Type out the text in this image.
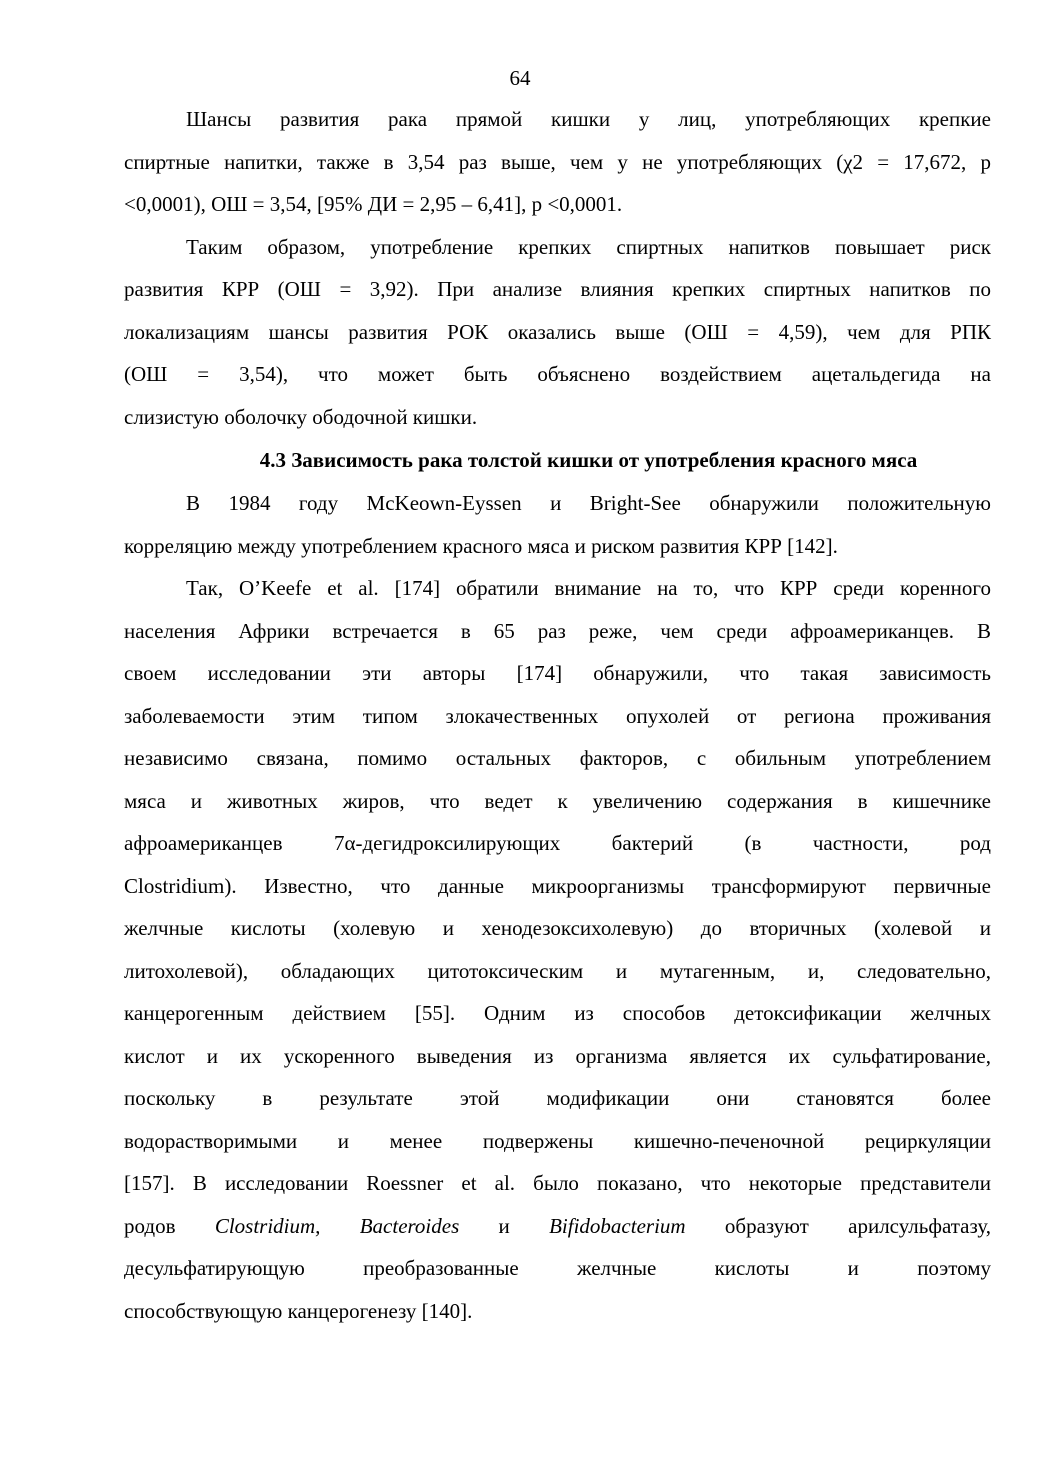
64
Шансы развития рака прямой кишки у лиц, употребляющих крепкие
спиртные напитки, также в 3,54 раз выше, чем у не употребляющих (χ2 = 17,672, р
<0,0001), ОШ = 3,54, [95% ДИ = 2,95 – 6,41], р <0,0001.
Таким образом, употребление крепких спиртных напитков повышает риск
развития КРР (ОШ = 3,92). При анализе влияния крепких спиртных напитков по
локализациям шансы развития РОК оказались выше (ОШ = 4,59), чем для РПК
(ОШ = 3,54), что может быть объяснено воздействием ацетальдегида на
слизистую оболочку ободочной кишки.
4.3 Зависимость рака толстой кишки от употребления красного мяса
В 1984 году McKeown-Eyssen и Bright-See обнаружили положительную
корреляцию между употреблением красного мяса и риском развития КРР [142].
Так, O’Keefe et al. [174] обратили внимание на то, что КРР среди коренного
населения Африки встречается в 65 раз реже, чем среди афроамериканцев. В
своем исследовании эти авторы [174] обнаружили, что такая зависимость
заболеваемости этим типом злокачественных опухолей от региона проживания
независимо связана, помимо остальных факторов, с обильным употреблением
мяса и животных жиров, что ведет к увеличению содержания в кишечнике
афроамериканцев 7α-дегидроксилирующих бактерий (в частности, род
Clostridium). Известно, что данные микроорганизмы трансформируют первичные
желчные кислоты (холевую и хенодезоксихолевую) до вторичных (холевой и
литохолевой), обладающих цитотоксическим и мутагенным, и, следовательно,
канцерогенным действием [55]. Одним из способов детоксификации желчных
кислот и их ускоренного выведения из организма является их сульфатирование,
поскольку в результате этой модификации они становятся более
водорастворимыми и менее подвержены кишечно-печеночной рециркуляции
[157]. В исследовании Roessner et al. было показано, что некоторые представители
родов Clostridium, Bacteroides и Bifidobacterium образуют арилсульфатазу,
десульфатирующую преобразованные желчные кислоты и поэтому
способствующую канцерогенезу [140].
